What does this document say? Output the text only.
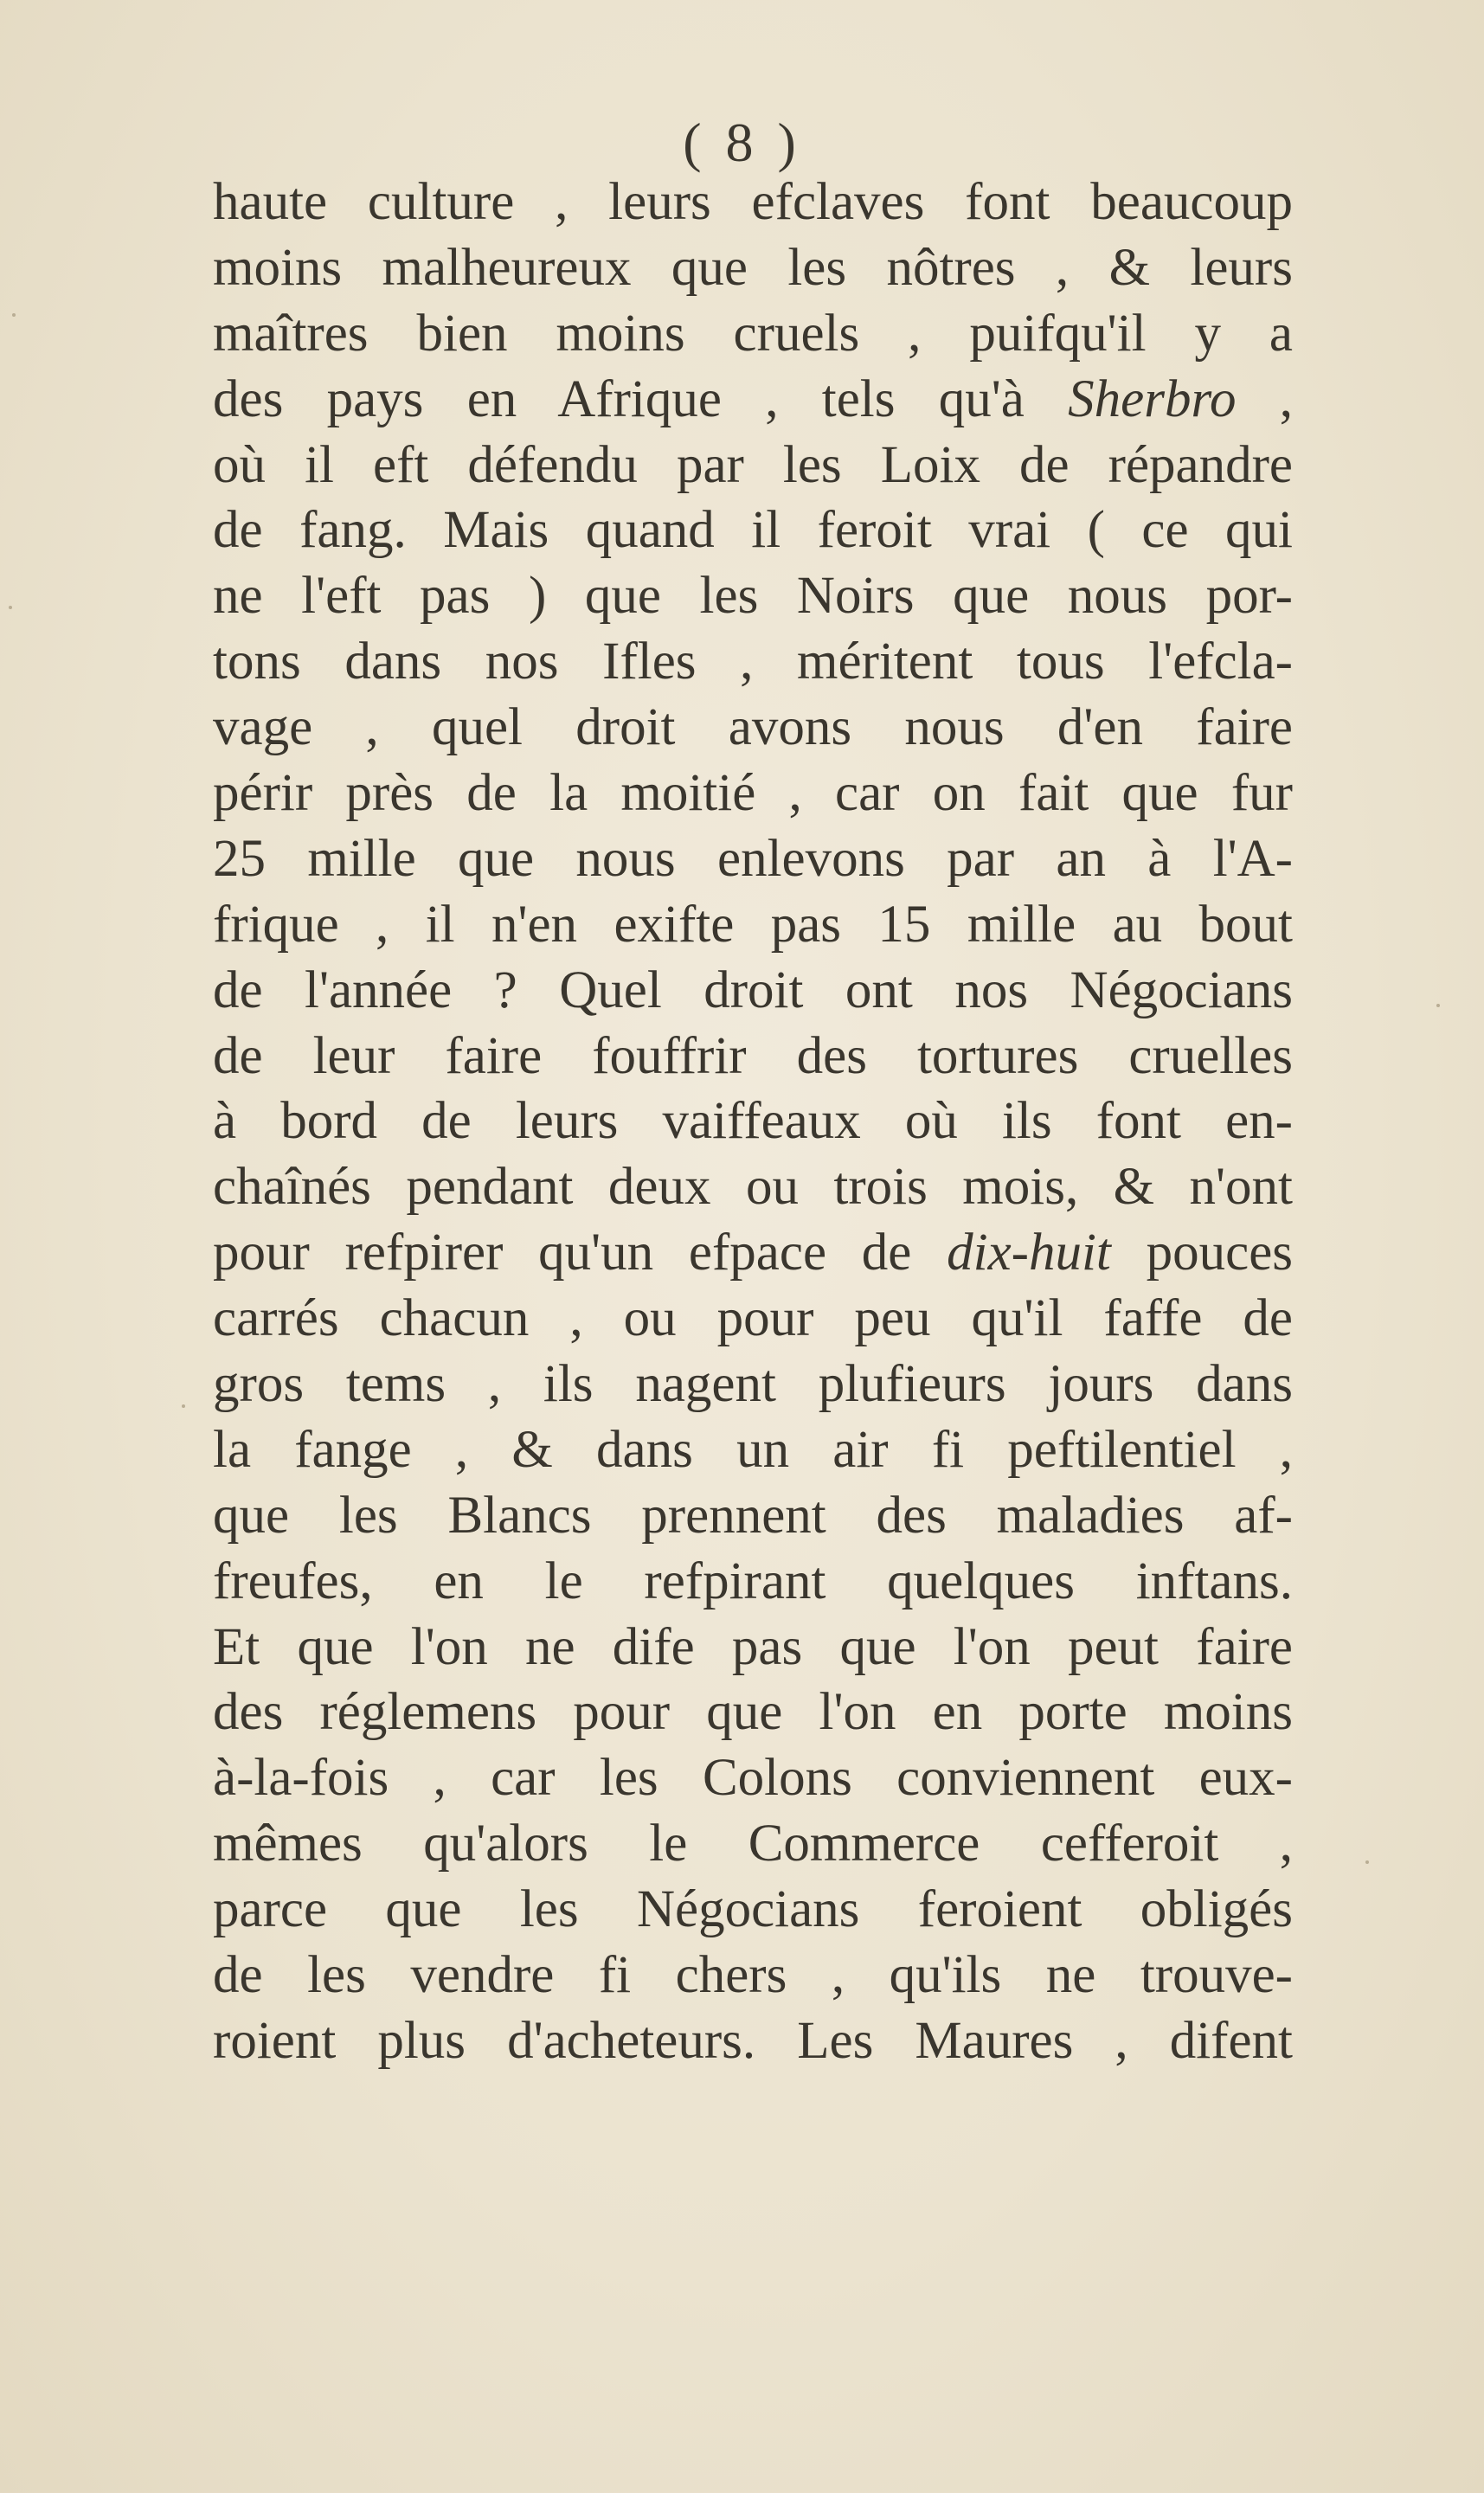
( 8 )
haute culture , leurs efclaves font beaucoup
moins malheureux que les nôtres , & leurs
maîtres bien moins cruels , puifqu'il y a
des pays en Afrique , tels qu'à Sherbro ,
où il eft défendu par les Loix de répandre
de fang. Mais quand il feroit vrai ( ce qui
ne l'eft pas ) que les Noirs que nous por-
tons dans nos Ifles , méritent tous l'efcla-
vage , quel droit avons nous d'en faire
périr près de la moitié , car on fait que fur
25 mille que nous enlevons par an à l'A-
frique , il n'en exifte pas 15 mille au bout
de l'année ? Quel droit ont nos Négocians
de leur faire fouffrir des tortures cruelles
à bord de leurs vaiffeaux où ils font en-
chaînés pendant deux ou trois mois, & n'ont
pour refpirer qu'un efpace de dix-huit pouces
carrés chacun , ou pour peu qu'il faffe de
gros tems , ils nagent plufieurs jours dans
la fange , & dans un air fi peftilentiel ,
que les Blancs prennent des maladies af-
freufes, en le refpirant quelques inftans.
Et que l'on ne dife pas que l'on peut faire
des réglemens pour que l'on en porte moins
à-la-fois , car les Colons conviennent eux-
mêmes qu'alors le Commerce cefferoit ,
parce que les Négocians feroient obligés
de les vendre fi chers , qu'ils ne trouve-
roient plus d'acheteurs. Les Maures , difent
